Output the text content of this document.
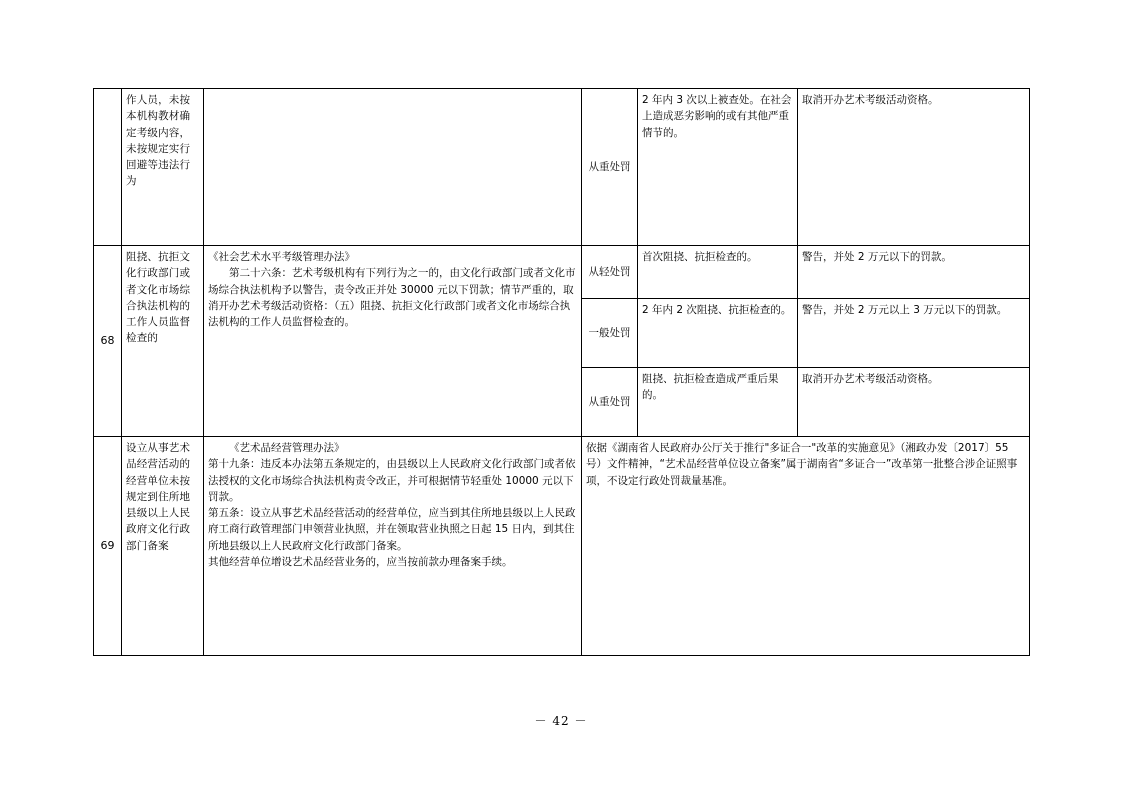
	作人员，未按本机构教材确定考级内容，未按规定实行回避等违法行为		从重处罚	2 年内 3 次以上被查处。在社会上造成恶劣影响的或有其他严重情节的。	取消开办艺术考级活动资格。
68	阻挠、抗拒文化行政部门或者文化市场综合执法机构的工作人员监督检查的	《社会艺术水平考级管理办法》

第二十六条：艺术考级机构有下列行为之一的，由文化行政部门或者文化市场综合执法机构予以警告，责令改正并处 30000 元以下罚款；情节严重的，取消开办艺术考级活动资格：（五）阻挠、抗拒文化行政部门或者文化市场综合执法机构的工作人员监督检查的。	从轻处罚	首次阻挠、抗拒检查的。	警告，并处 2 万元以下的罚款。
			一般处罚	2 年内 2 次阻挠、抗拒检查的。	警告，并处 2 万元以上 3 万元以下的罚款。
			从重处罚	阻挠、抗拒检查造成严重后果的。	取消开办艺术考级活动资格。
69	设立从事艺术品经营活动的经营单位未按规定到住所地县级以上人民政府文化行政部门备案	《艺术品经营管理办法》

第十九条：违反本办法第五条规定的，由县级以上人民政府文化行政部门或者依法授权的文化市场综合执法机构责令改正，并可根据情节轻重处 10000 元以下罚款。

第五条：设立从事艺术品经营活动的经营单位，应当到其住所地县级以上人民政府工商行政管理部门申领营业执照，并在领取营业执照之日起 15 日内，到其住所地县级以上人民政府文化行政部门备案。

其他经营单位增设艺术品经营业务的，应当按前款办理备案手续。	依据《湖南省人民政府办公厅关于推行"多证合一"改革的实施意见》（湘政办发〔2017〕55 号）文件精神，“艺术品经营单位设立备案”属于湖南省“多证合一”改革第一批整合涉企证照事项，不设定行政处罚裁量基准。		
－ 42 －
